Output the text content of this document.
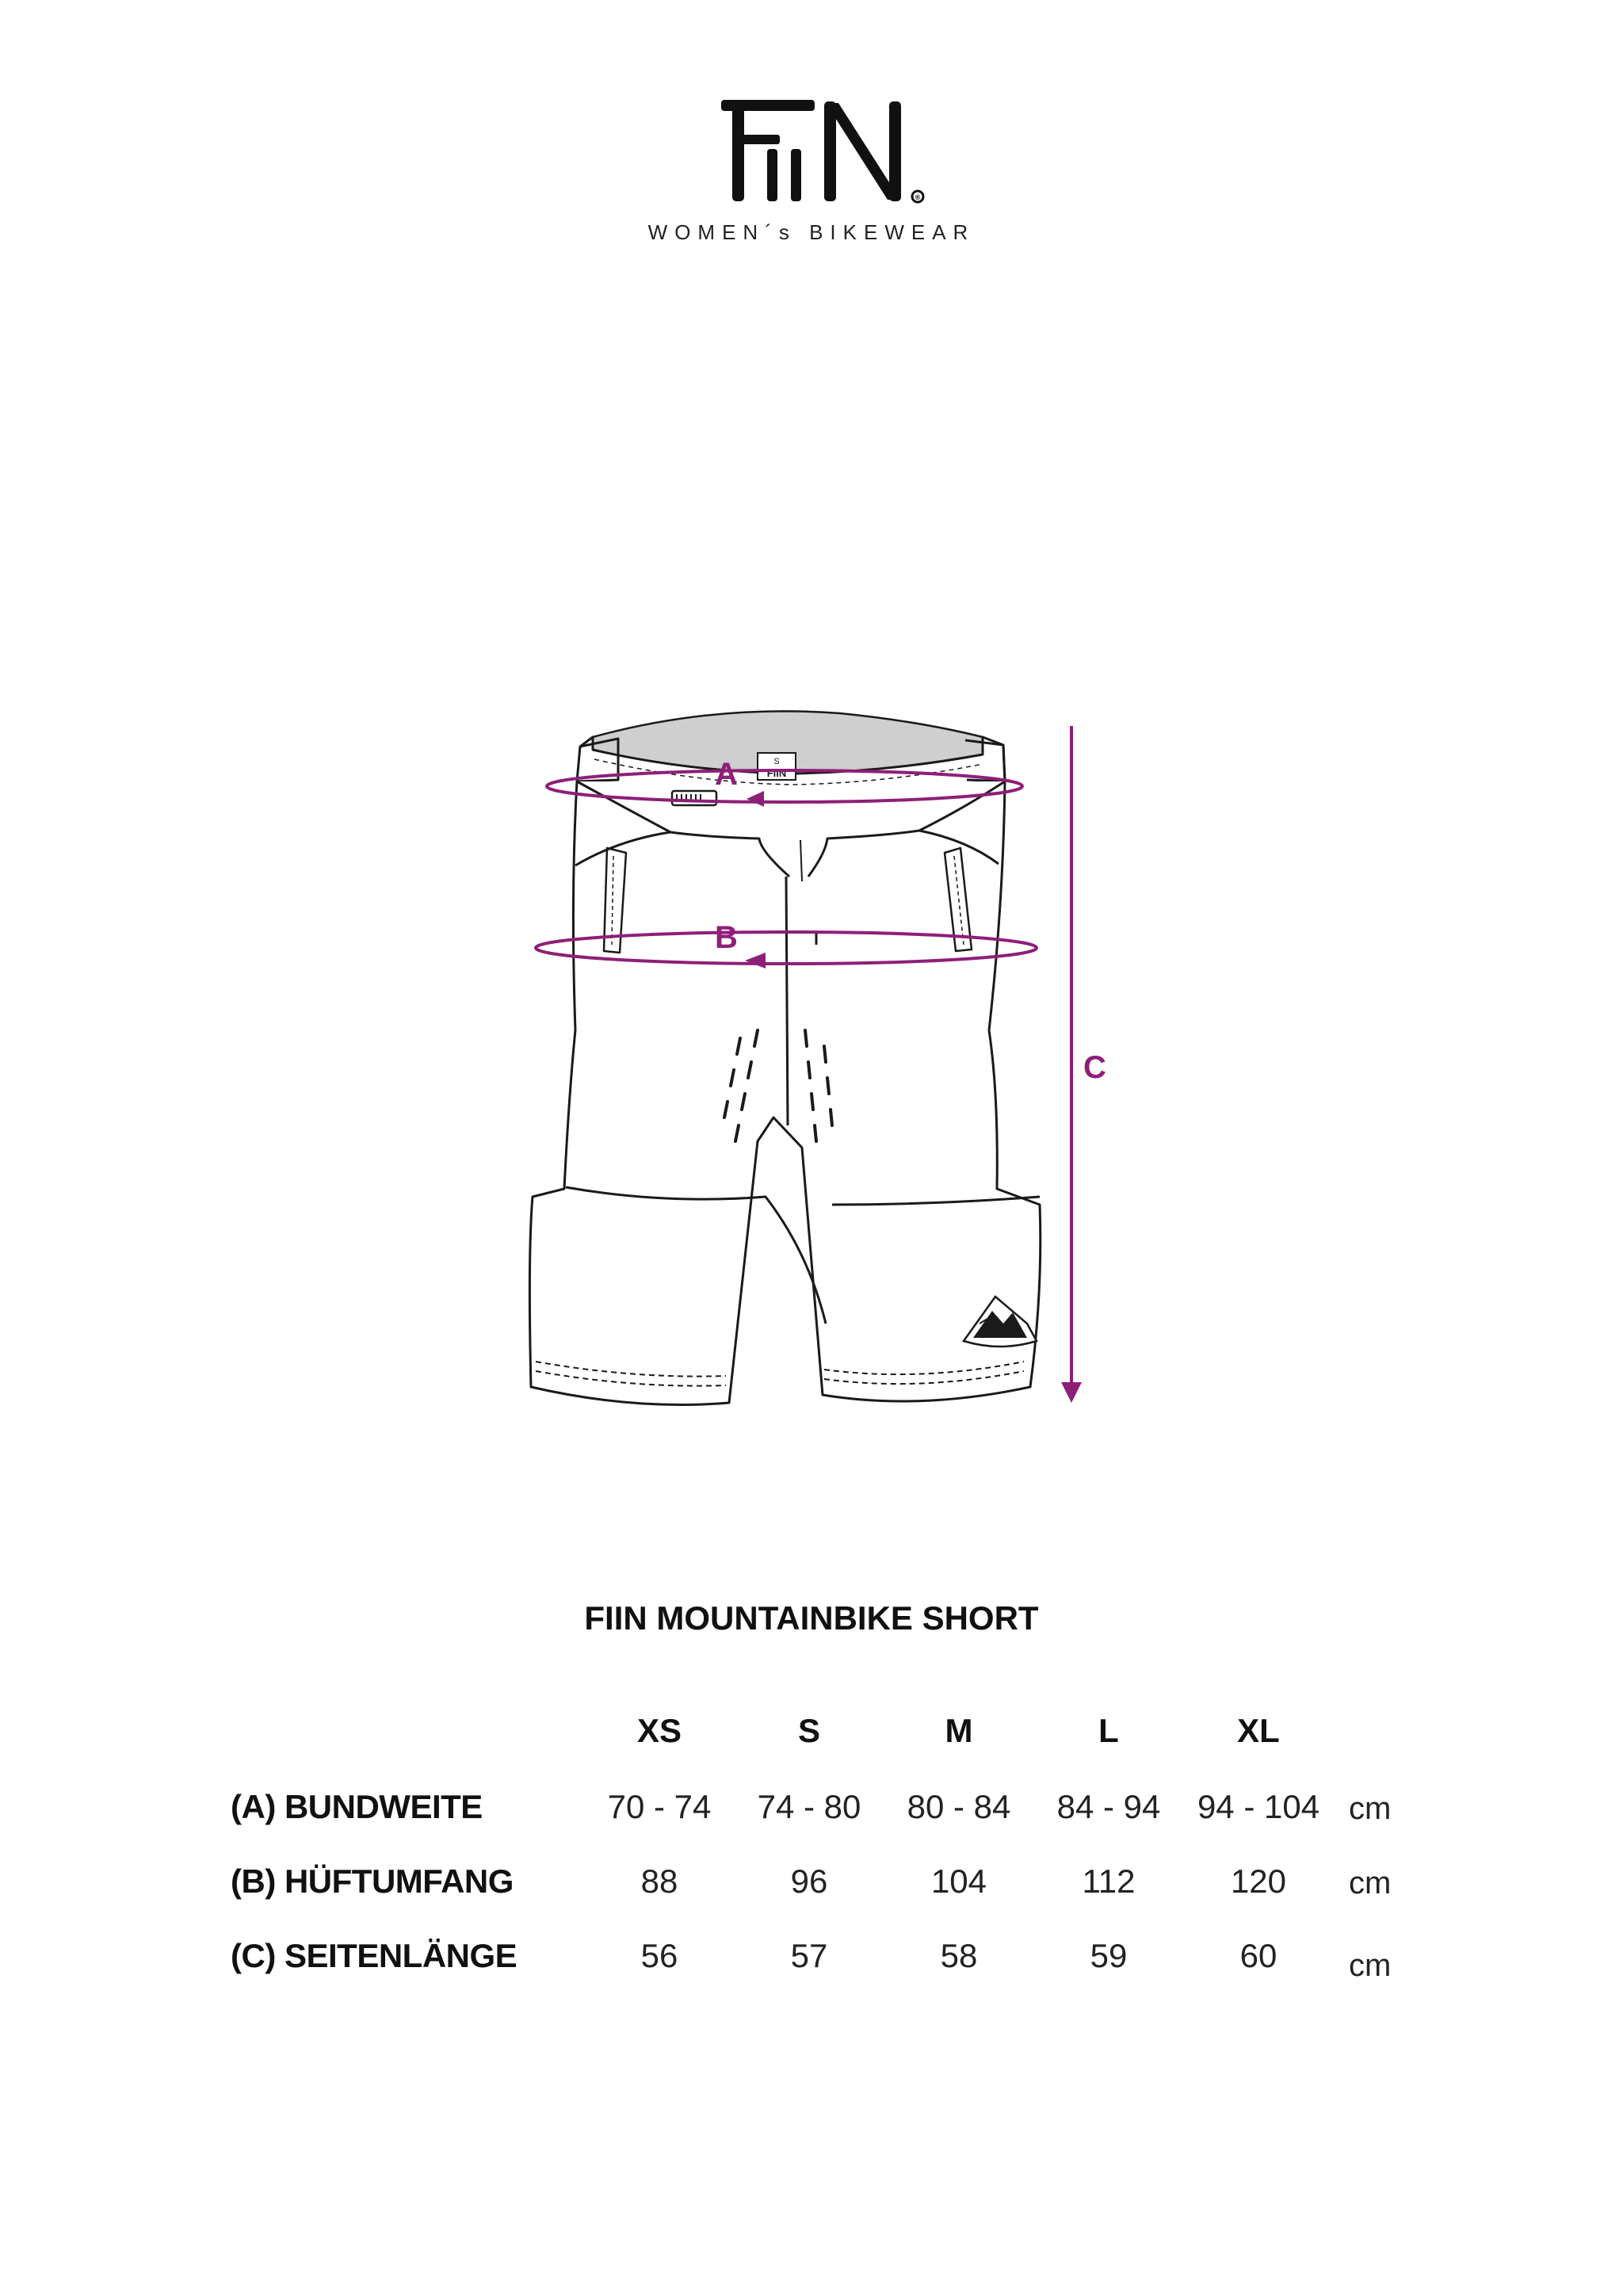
®
WOMEN´s BIKEWEAR
S
FiiN
A
B
C
FIIN MOUNTAINBIKE SHORT
XS	S	M	L	XL
(A) BUNDWEITE	70 - 74	74 - 80	80 - 84	84 - 94	94 - 104 cm
(B) HÜFTUMFANG	88	96	104	112	120	cm
(C) SEITENLÄNGE	56	57	58	59	60	cm
